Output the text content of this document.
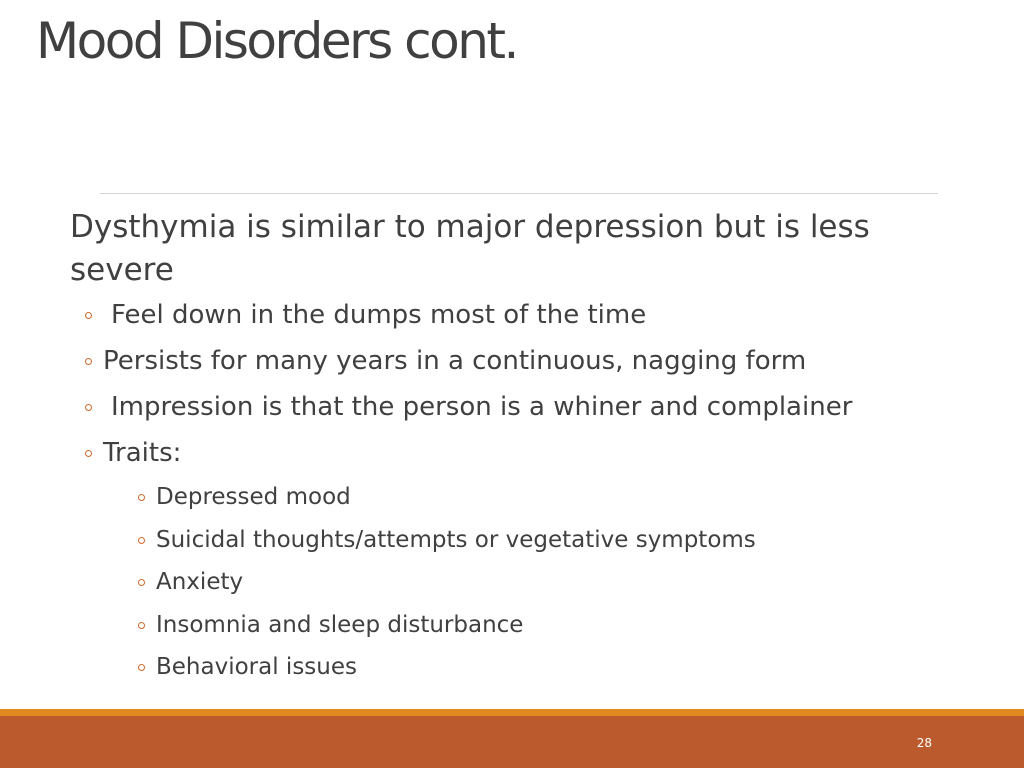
Mood Disorders cont.

Dysthymia is similar to major depression but is less severe

Feel down in the dumps most of the time
Persists for many years in a continuous, nagging form
Impression is that the person is a whiner and complainer
Traits:
Depressed mood
Suicidal thoughts/attempts or vegetative symptoms
Anxiety
Insomnia and sleep disturbance
Behavioral issues
28
